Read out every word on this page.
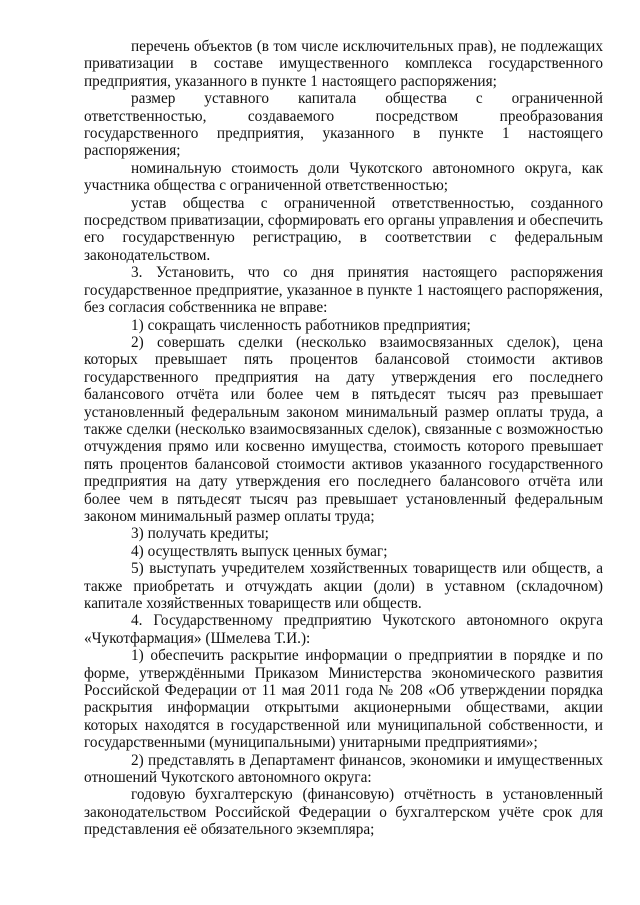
перечень объектов (в том числе исключительных прав), не подлежащих приватизации в составе имущественного комплекса государственного предприятия, указанного в пункте 1 настоящего распоряжения;

размер уставного капитала общества с ограниченной ответственностью, создаваемого посредством преобразования государственного предприятия, указанного в пункте 1 настоящего распоряжения;

номинальную стоимость доли Чукотского автономного округа, как участника общества с ограниченной ответственностью;

устав общества с ограниченной ответственностью, созданного посредством приватизации, сформировать его органы управления и обеспечить его государственную регистрацию, в соответствии с федеральным законодательством.

3. Установить, что со дня принятия настоящего распоряжения государственное предприятие, указанное в пункте 1 настоящего распоряжения, без согласия собственника не вправе:

1) сокращать численность работников предприятия;

2) совершать сделки (несколько взаимосвязанных сделок), цена которых превышает пять процентов балансовой стоимости активов государственного предприятия на дату утверждения его последнего балансового отчёта или более чем в пятьдесят тысяч раз превышает установленный федеральным законом минимальный размер оплаты труда, а также сделки (несколько взаимосвязанных сделок), связанные с возможностью отчуждения прямо или косвенно имущества, стоимость которого превышает пять процентов балансовой стоимости активов указанного государственного предприятия на дату утверждения его последнего балансового отчёта или более чем в пятьдесят тысяч раз превышает установленный федеральным законом минимальный размер оплаты труда;

3) получать кредиты;

4) осуществлять выпуск ценных бумаг;

5) выступать учредителем хозяйственных товариществ или обществ, а также приобретать и отчуждать акции (доли) в уставном (складочном) капитале хозяйственных товариществ или обществ.

4. Государственному предприятию Чукотского автономного округа «Чукотфармация» (Шмелева Т.И.):

1) обеспечить раскрытие информации о предприятии в порядке и по форме, утверждёнными Приказом Министерства экономического развития Российской Федерации от 11 мая 2011 года № 208 «Об утверждении порядка раскрытия информации открытыми акционерными обществами, акции которых находятся в государственной или муниципальной собственности, и государственными (муниципальными) унитарными предприятиями»;

2) представлять в Департамент финансов, экономики и имущественных отношений Чукотского автономного округа:

годовую бухгалтерскую (финансовую) отчётность в установленный законодательством Российской Федерации о бухгалтерском учёте срок для представления её обязательного экземпляра;
